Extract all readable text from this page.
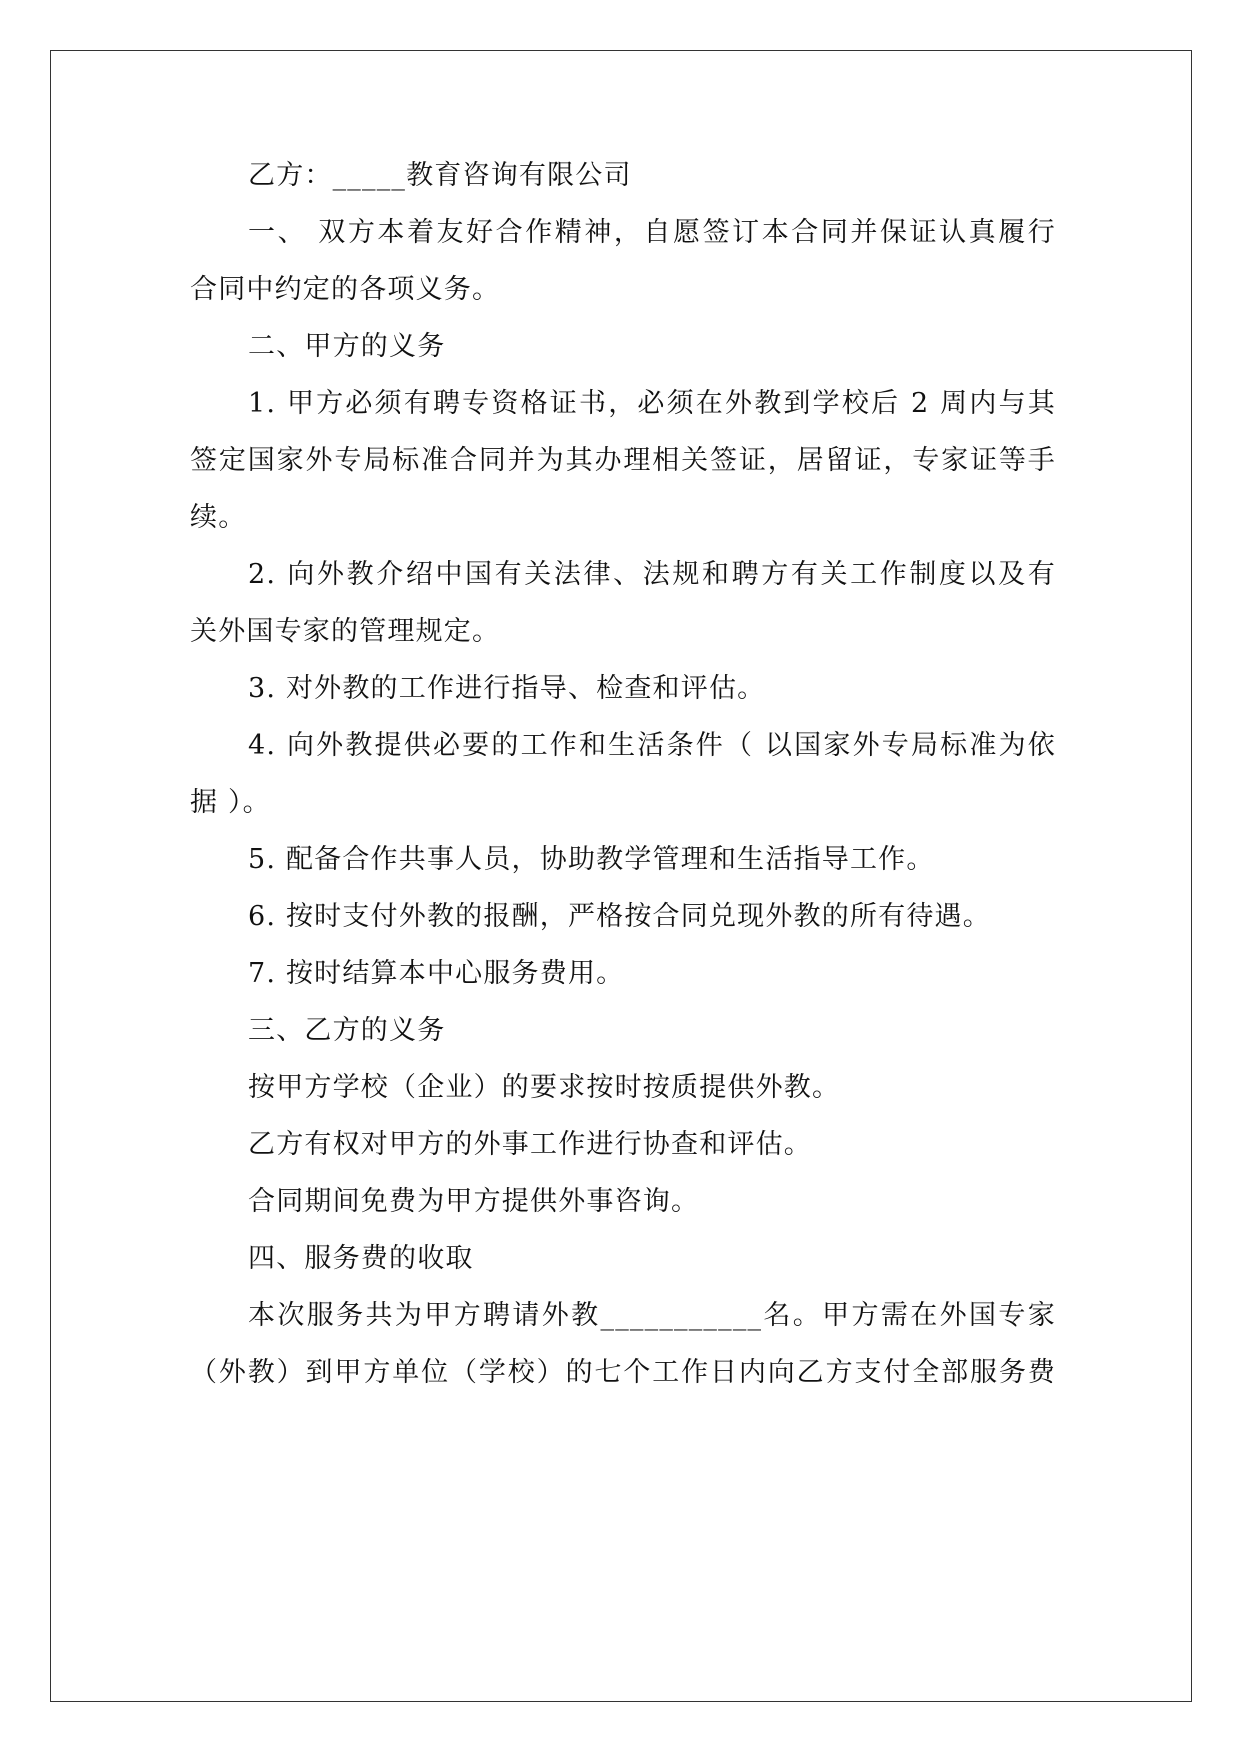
乙方：_____教育咨询有限公司
一、 双方本着友好合作精神，自愿签订本合同并保证认真履行
合同中约定的各项义务。
二、甲方的义务
1. 甲方必须有聘专资格证书，必须在外教到学校后 2 周内与其
签定国家外专局标准合同并为其办理相关签证，居留证，专家证等手
续。
2. 向外教介绍中国有关法律、法规和聘方有关工作制度以及有
关外国专家的管理规定。
3. 对外教的工作进行指导、检查和评估。
4. 向外教提供必要的工作和生活条件（ 以国家外专局标准为依
据 ）。
5. 配备合作共事人员，协助教学管理和生活指导工作。
6. 按时支付外教的报酬，严格按合同兑现外教的所有待遇。
7. 按时结算本中心服务费用。
三、乙方的义务
按甲方学校（企业）的要求按时按质提供外教。
乙方有权对甲方的外事工作进行协查和评估。
合同期间免费为甲方提供外事咨询。
四、服务费的收取
本次服务共为甲方聘请外教___________名。甲方需在外国专家
（外教）到甲方单位（学校）的七个工作日内向乙方支付全部服务费
